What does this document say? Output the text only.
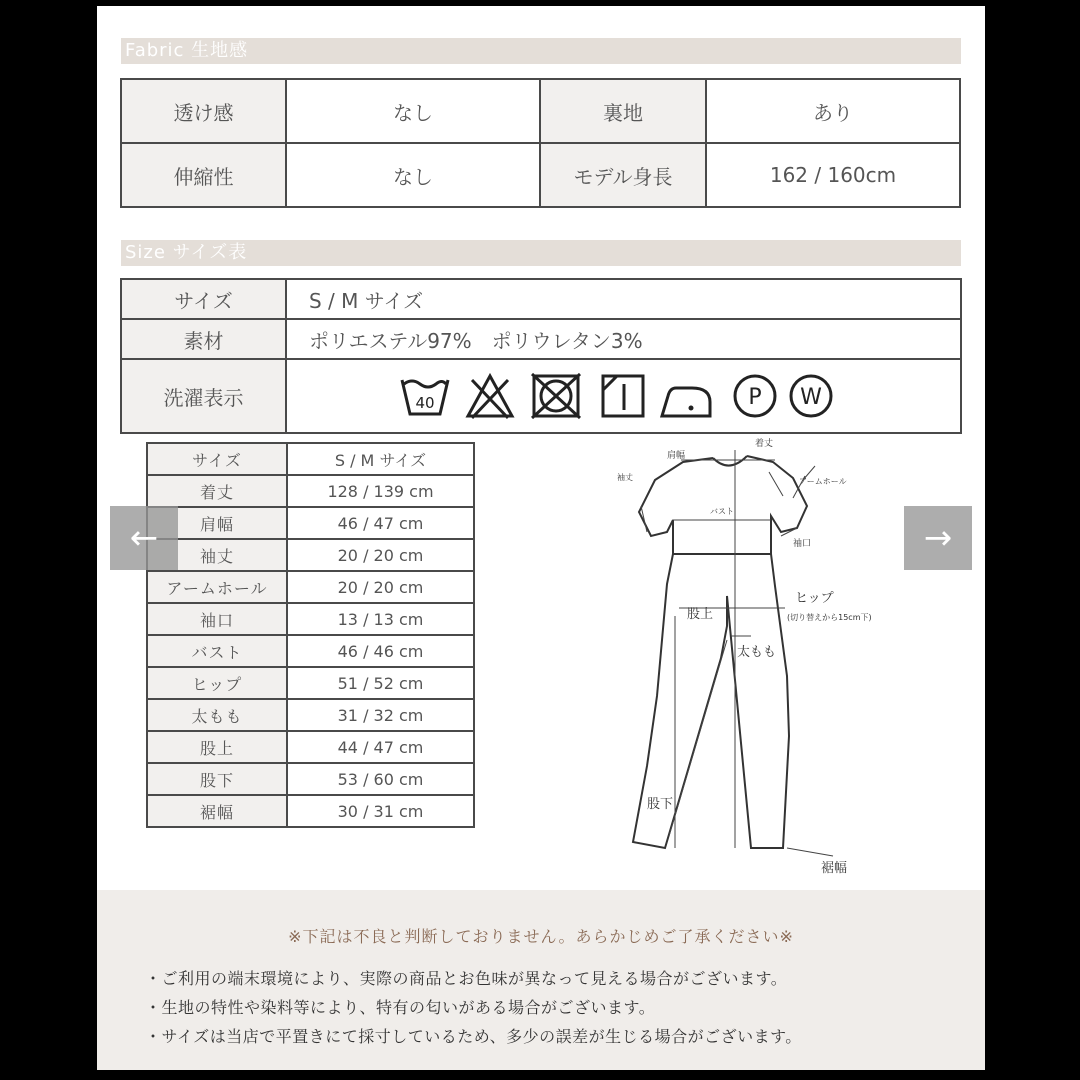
Fabric 生地感
透け感	なし	裏地	あり
伸縮性	なし	モデル身長	162 / 160cm
Size サイズ表
サイズ	S / M サイズ
素材	ポリエステル97%　ポリウレタン3%
洗濯表示	40	P W
サイズ	S / M サイズ
着丈	128 / 139 cm
肩幅	46 / 47 cm
袖丈	20 / 20 cm
アームホール	20 / 20 cm
袖口	13 / 13 cm
バスト	46 / 46 cm
ヒップ	51 / 52 cm
太もも	31 / 32 cm
股上	44 / 47 cm
股下	53 / 60 cm
裾幅	30 / 31 cm
着丈
肩幅
袖丈	アームホール
バスト
袖口
ヒップ
(切り替えから15cm下)
股上
太もも
股下
裾幅
※下記は不良と判断しておりません。あらかじめご了承ください※
・ご利用の端末環境により、実際の商品とお色味が異なって見える場合がございます。
・生地の特性や染料等により、特有の匂いがある場合がございます。
・サイズは当店で平置きにて採寸しているため、多少の誤差が生じる場合がございます。
←	→
